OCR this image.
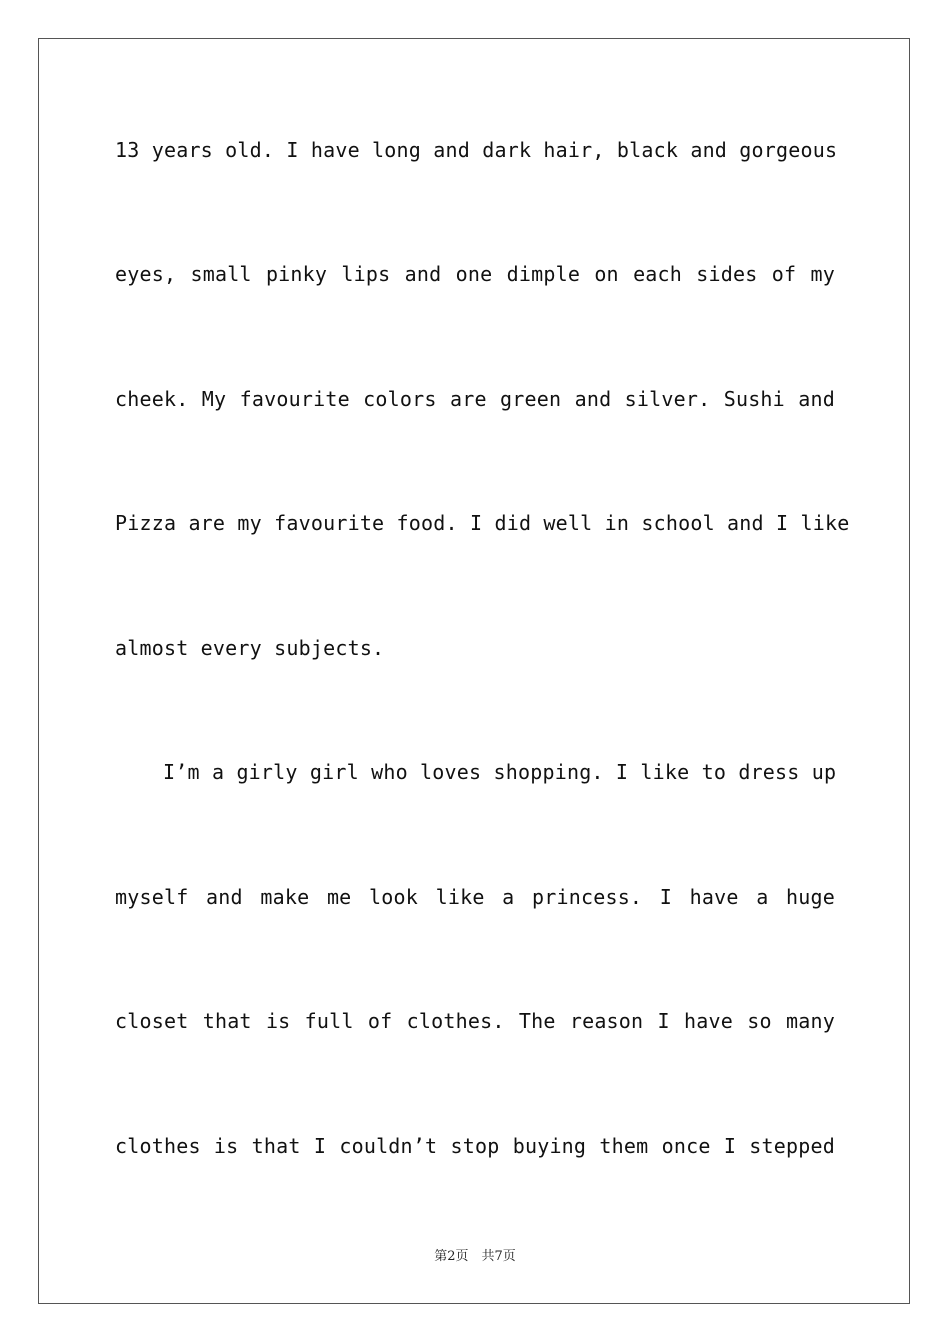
13 years old. I have long and dark hair, black and gorgeous
eyes, small pinky lips and one dimple on each sides of my
cheek. My favourite colors are green and silver. Sushi and
Pizza are my favourite food. I did well in school and I like
almost every subjects.
I’m a girly girl who loves shopping. I like to dress up
myself and make me look like a princess. I have a huge
closet that is full of clothes. The reason I have so many
clothes is that I couldn’t stop buying them once I stepped
第2页　共7页
